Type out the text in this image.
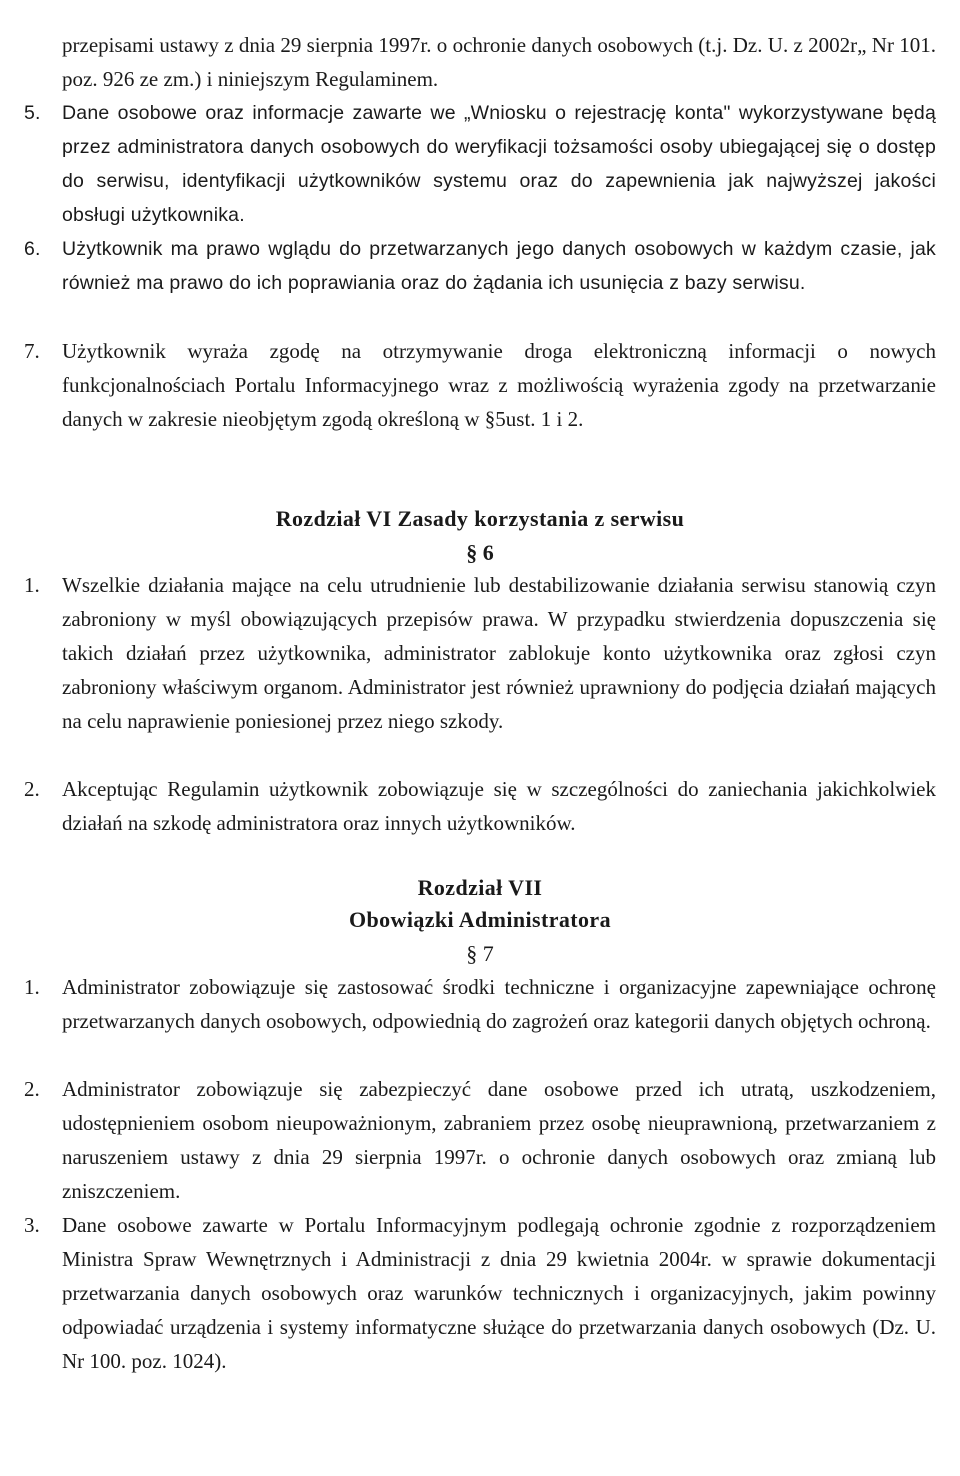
przepisami ustawy z dnia 29 sierpnia 1997r. o ochronie danych osobowych (t.j. Dz. U. z 2002r„ Nr 101. poz. 926 ze zm.) i niniejszym Regulaminem.

5.	Dane osobowe oraz informacje zawarte we „Wniosku o rejestrację konta" wykorzystywane będą przez administratora danych osobowych do weryfikacji tożsamości osoby ubiegającej się o dostęp do serwisu, identyfikacji użytkowników systemu oraz do zapewnienia jak najwyższej jakości obsługi użytkownika.
6.	Użytkownik ma prawo wglądu do przetwarzanych jego danych osobowych w każdym czasie, jak również ma prawo do ich poprawiania oraz do żądania ich usunięcia z bazy serwisu.
7.	Użytkownik wyraża zgodę na otrzymywanie droga elektroniczną informacji o nowych funkcjonalnościach Portalu Informacyjnego wraz z możliwością wyrażenia zgody na przetwarzanie danych w zakresie nieobjętym zgodą określoną w §5ust. 1 i 2.
Rozdział VI Zasady korzystania z serwisu
§ 6
1.	Wszelkie działania mające na celu utrudnienie lub destabilizowanie działania serwisu stanowią czyn zabroniony w myśl obowiązujących przepisów prawa. W przypadku stwierdzenia dopuszczenia się takich działań przez użytkownika, administrator zablokuje konto użytkownika oraz zgłosi czyn zabroniony właściwym organom. Administrator jest również uprawniony do podjęcia działań mających na celu naprawienie poniesionej przez niego szkody.
2.	Akceptując Regulamin użytkownik zobowiązuje się w szczególności do zaniechania jakichkolwiek działań na szkodę administratora oraz innych użytkowników.
Rozdział VII
Obowiązki Administratora
§ 7
1.	Administrator zobowiązuje się zastosować środki techniczne i organizacyjne zapewniające ochronę przetwarzanych danych osobowych, odpowiednią do zagrożeń oraz kategorii danych objętych ochroną.
2.	Administrator zobowiązuje się zabezpieczyć dane osobowe przed ich utratą, uszkodzeniem, udostępnieniem osobom nieupoważnionym, zabraniem przez osobę nieuprawnioną, przetwarzaniem z naruszeniem ustawy z dnia 29 sierpnia 1997r. o ochronie danych osobowych oraz zmianą lub zniszczeniem.
3.	Dane osobowe zawarte w Portalu Informacyjnym podlegają ochronie zgodnie z rozporządzeniem Ministra Spraw Wewnętrznych i Administracji z dnia 29 kwietnia 2004r. w sprawie dokumentacji przetwarzania danych osobowych oraz warunków technicznych i organizacyjnych, jakim powinny odpowiadać urządzenia i systemy informatyczne służące do przetwarzania danych osobowych (Dz. U. Nr 100. poz. 1024).
